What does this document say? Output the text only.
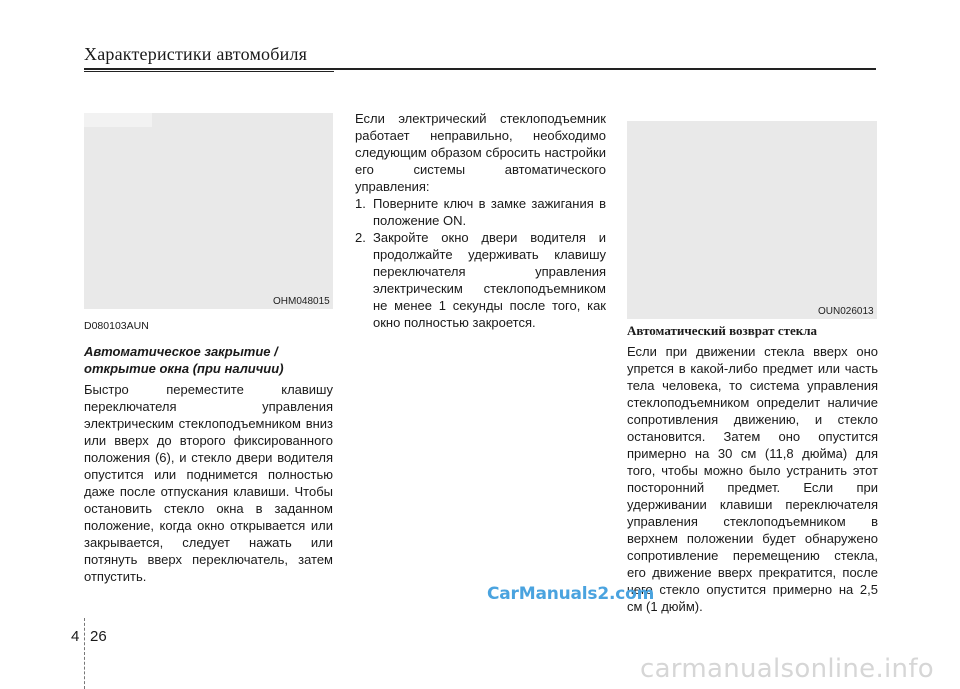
Характеристики автомобиля
OHM048015
OUN026013

D080103AUN

Автоматическое закрытие / открытие окна (при наличии)

Быстро переместите клавишу переключателя управления электрическим стеклоподъемником вниз или вверх до второго фиксированного положения (6), и стекло двери водителя опустится или поднимется полностью даже после отпускания клавиши. Чтобы остановить стекло окна в заданном положение, когда окно открывается или закрывается, следует нажать или потянуть вверх переключатель, затем отпустить.

Если электрический стеклоподъемник работает неправильно, необходимо следующим образом сбросить настройки его системы автоматического управления:

1. Поверните ключ в замке зажигания в положение ON.
2. Закройте окно двери водителя и продолжайте удерживать клавишу переключателя управления электрическим стеклоподъемником не менее 1 секунды после того, как окно полностью закроется.

Автоматический возврат стекла

Если при движении стекла вверх оно упрется в какой-либо предмет или часть тела человека, то система управления стеклоподъемником определит наличие сопротивления движению, и стекло остановится. Затем оно опустится примерно на 30 см (11,8 дюйма) для того, чтобы можно было устранить этот посторонний предмет. Если при удерживании клавиши переключателя управления стеклоподъемником в верхнем положении будет обнаружено сопротивление перемещению стекла, его движение вверх прекратится, после чего стекло опустится примерно на 2,5 см (1 дюйм).

CarManuals2.com
4 26
carmanualsonline.info
